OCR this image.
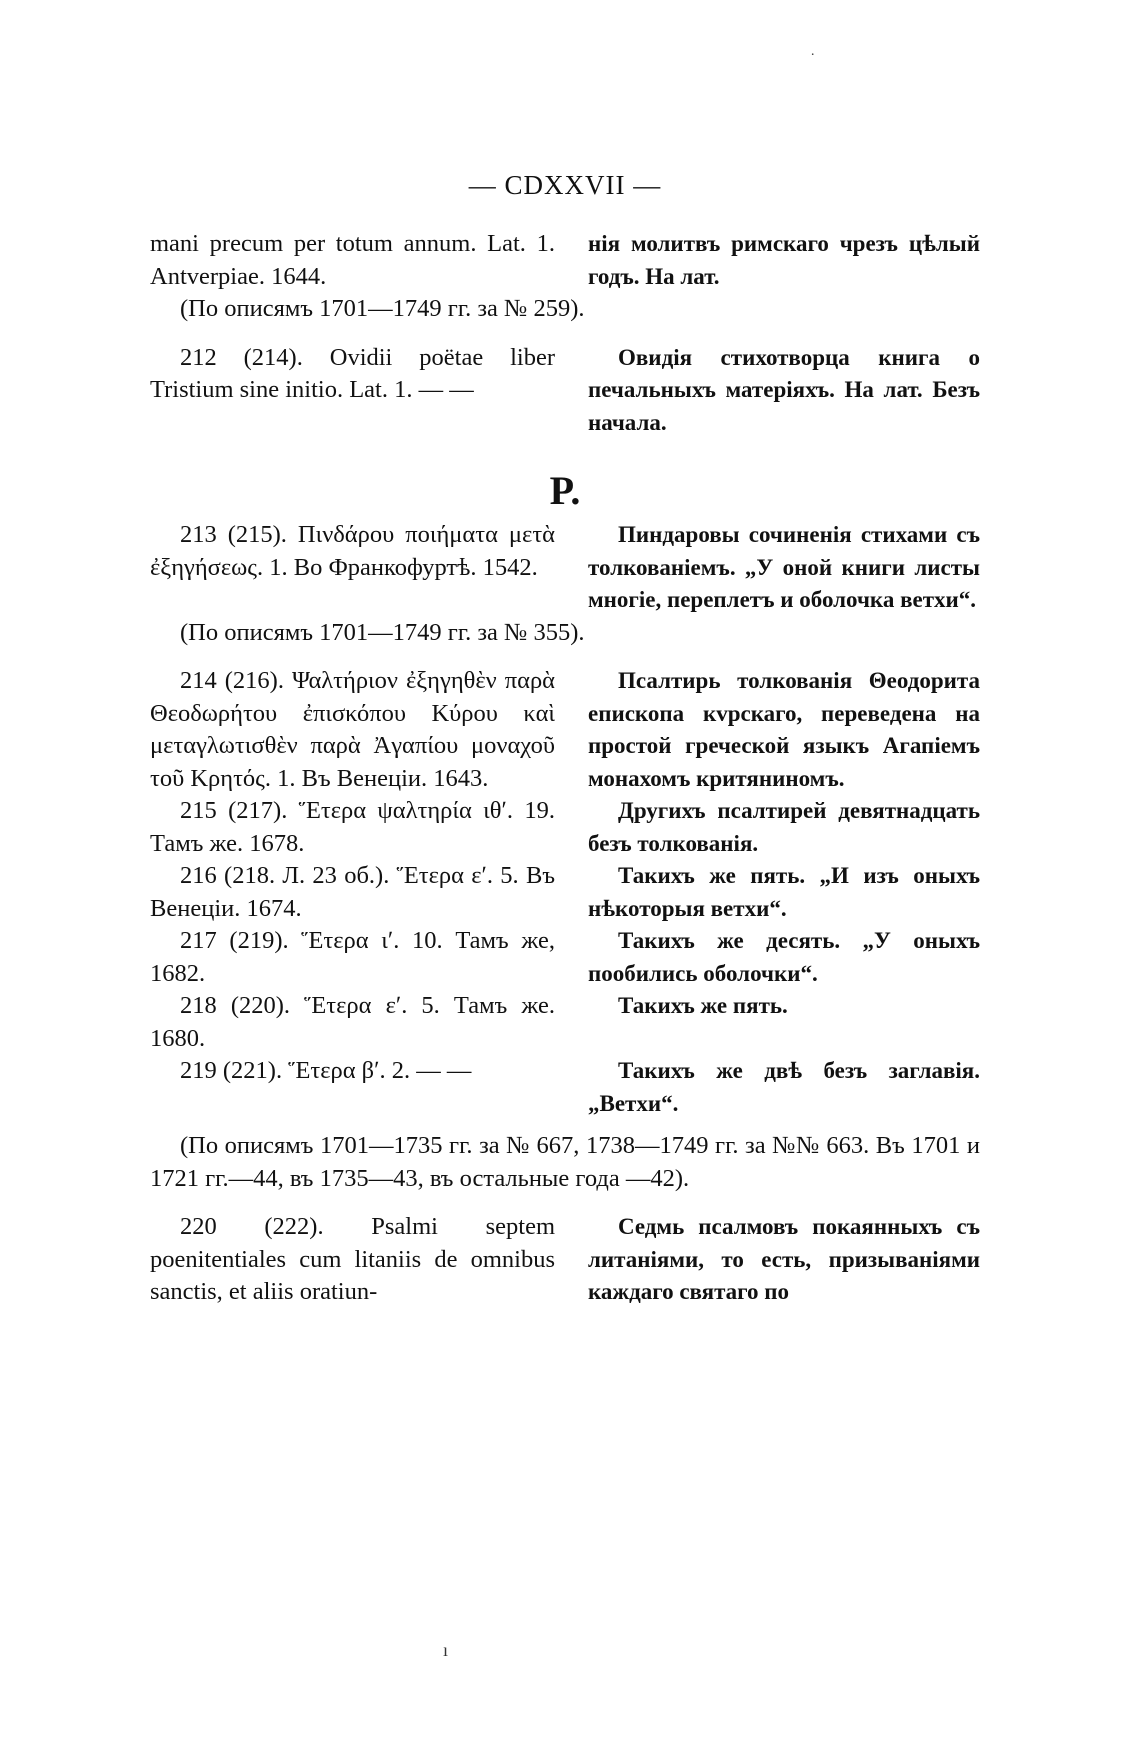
·
— CDXXVII —
mani precum per totum annum. Lat. 1. Antverpiae. 1644.
нія молитвъ римскаго чрезъ цѣлый годъ. На лат.
(По описямъ 1701—1749 гг. за № 259).
212 (214). Ovidii poëtae liber Tristium sine initio. Lat. 1. — —
Овидія стихотворца книга о печальныхъ матеріяхъ. На лат. Безъ начала.
P.
213 (215). Πινδάρου ποιήματα μετὰ ἐξηγήσεως. 1. Во Франкофуртѣ. 1542.
Пиндаровы сочиненія стихами съ толкованіемъ. „У оной книги листы многіе, переплетъ и оболочка ветхи“.
(По описямъ 1701—1749 гг. за № 355).
214 (216). Ψαλτήριον ἐξηγηθὲν παρὰ Θεοδωρήτου ἐπισκόπου Κύρου καὶ μεταγλωτισθὲν παρὰ Ἀγαπίου μοναχοῦ τοῦ Κρητός. 1. Въ Венеціи. 1643.
Псалтирь толкованія Θеодорита епископа кvрскаго, переведена на простой греческой языкъ Агапіемъ монахомъ критяниномъ.
215 (217). Ἕτερα ψαλτηρία ιθʹ. 19. Тамъ же. 1678.
Другихъ псалтирей девятнадцать безъ толкованія.
216 (218. Л. 23 об.). Ἕτερα εʹ. 5. Въ Венеціи. 1674.
Такихъ же пять. „И изъ оныхъ нѣкоторыя ветхи“.
217 (219). Ἕτερα ιʹ. 10. Тамъ же, 1682.
Такихъ же десять. „У оныхъ пообились оболочки“.
218 (220). Ἕτερα εʹ. 5. Тамъ же. 1680.
Такихъ же пять.
219 (221). Ἕτερα βʹ. 2. — —	Такихъ же двѣ безъ заглавія. „Ветхи“.
(По описямъ 1701—1735 гг. за № 667, 1738—1749 гг. за №№ 663. Въ 1701 и 1721 гг.—44, въ 1735—43, въ остальные года —42).
220 (222). Psalmi septem poenitentiales cum litaniis de omnibus sanctis, et aliis oratiun-
Седмь псалмовъ покаянныхъ съ литаніями, то есть, призываніями каждаго святаго по
ı
